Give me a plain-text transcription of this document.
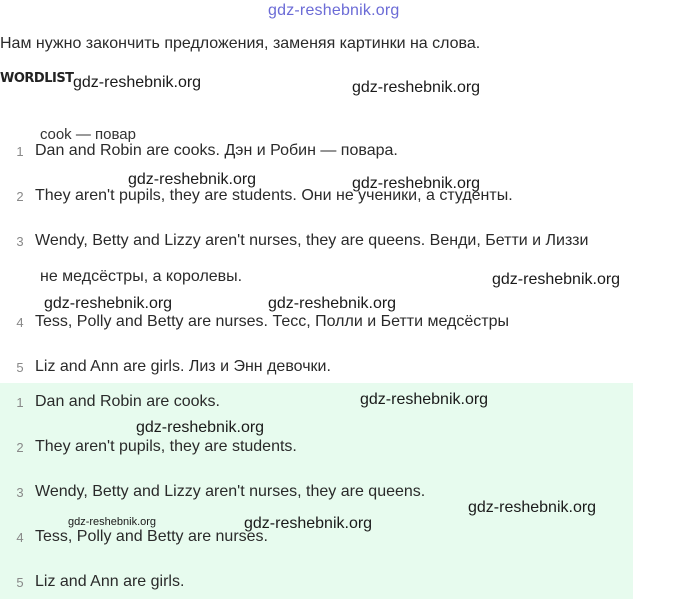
gdz-reshebnik.org
Нам нужно закончить предложения, заменяя картинки на слова.
WORDLIST
cook — повар
1 Dan and Robin are cooks. Дэн и Робин — повара.
2 They aren't pupils, they are students. Они не ученики, а студенты.
3 Wendy, Betty and Lizzy aren't nurses, they are queens. Венди, Бетти и Лиззи
не медсёстры, а королевы.
4 Tess, Polly and Betty are nurses. Тесс, Полли и Бетти медсёстры
5 Liz and Ann are girls. Лиз и Энн девочки.
1 Dan and Robin are cooks.
2 They aren't pupils, they are students.
3 Wendy, Betty and Lizzy aren't nurses, they are queens.
4 Tess, Polly and Betty are nurses.
5 Liz and Ann are girls.
gdz-reshebnik.org	gdz-reshebnik.org
gdz-reshebnik.org	gdz-reshebnik.org
gdz-reshebnik.org
gdz-reshebnik.org	gdz-reshebnik.org
gdz-reshebnik.org
gdz-reshebnik.org
gdz-reshebnik.org
gdz-reshebnik.org	gdz-reshebnik.org
